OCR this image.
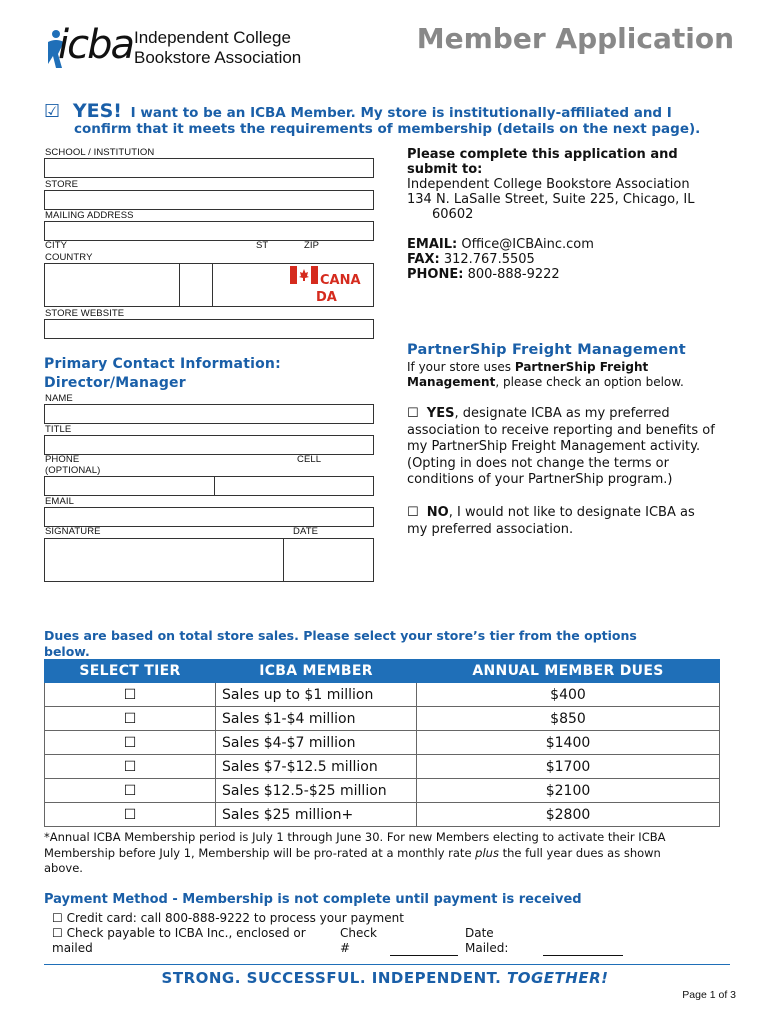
icba Independent College
Bookstore Association
Member Application
☑ YES! I want to be an ICBA Member. My store is institutionally-affiliated and I
confirm that it meets the requirements of membership (details on the next page).
SCHOOL / INSTITUTION
STORE
MAILING ADDRESS
CITY	ST	ZIP
COUNTRY
CANA
DA
STORE WEBSITE
Please complete this application and
submit to:
Independent College Bookstore Association
134 N. LaSalle Street, Suite 225, Chicago, IL
60602
EMAIL: Office@ICBAinc.com
FAX: 312.767.5505
PHONE: 800-888-9222
Primary Contact Information:
Director/Manager
NAME
TITLE
PHONE
(OPTIONAL)
CELL
EMAIL
SIGNATURE	DATE
PartnerShip Freight Management
If your store uses PartnerShip Freight
Management, please check an option below.
☐ YES, designate ICBA as my preferred
association to receive reporting and benefits of
my PartnerShip Freight Management activity.
(Opting in does not change the terms or
conditions of your PartnerShip program.)
☐ NO, I would not like to designate ICBA as
my preferred association.
Dues are based on total store sales. Please select your store’s tier from the options
below.
SELECT TIER	ICBA MEMBER	ANNUAL MEMBER DUES
☐	Sales up to $1 million	$400
☐	Sales $1-$4 million	$850
☐	Sales $4-$7 million	$1400
☐	Sales $7-$12.5 million	$1700
☐	Sales $12.5-$25 million	$2100
☐	Sales $25 million+	$2800
*Annual ICBA Membership period is July 1 through June 30. For new Members electing to activate their ICBA
Membership before July 1, Membership will be pro-rated at a monthly rate plus the full year dues as shown
above.
Payment Method - Membership is not complete until payment is received
☐ Credit card: call 800-888-9222 to process your payment
☐ Check payable to ICBA Inc., enclosed or
mailed
Check
#
Date
Mailed:
STRONG. SUCCESSFUL. INDEPENDENT. TOGETHER!
Page 1 of 3
